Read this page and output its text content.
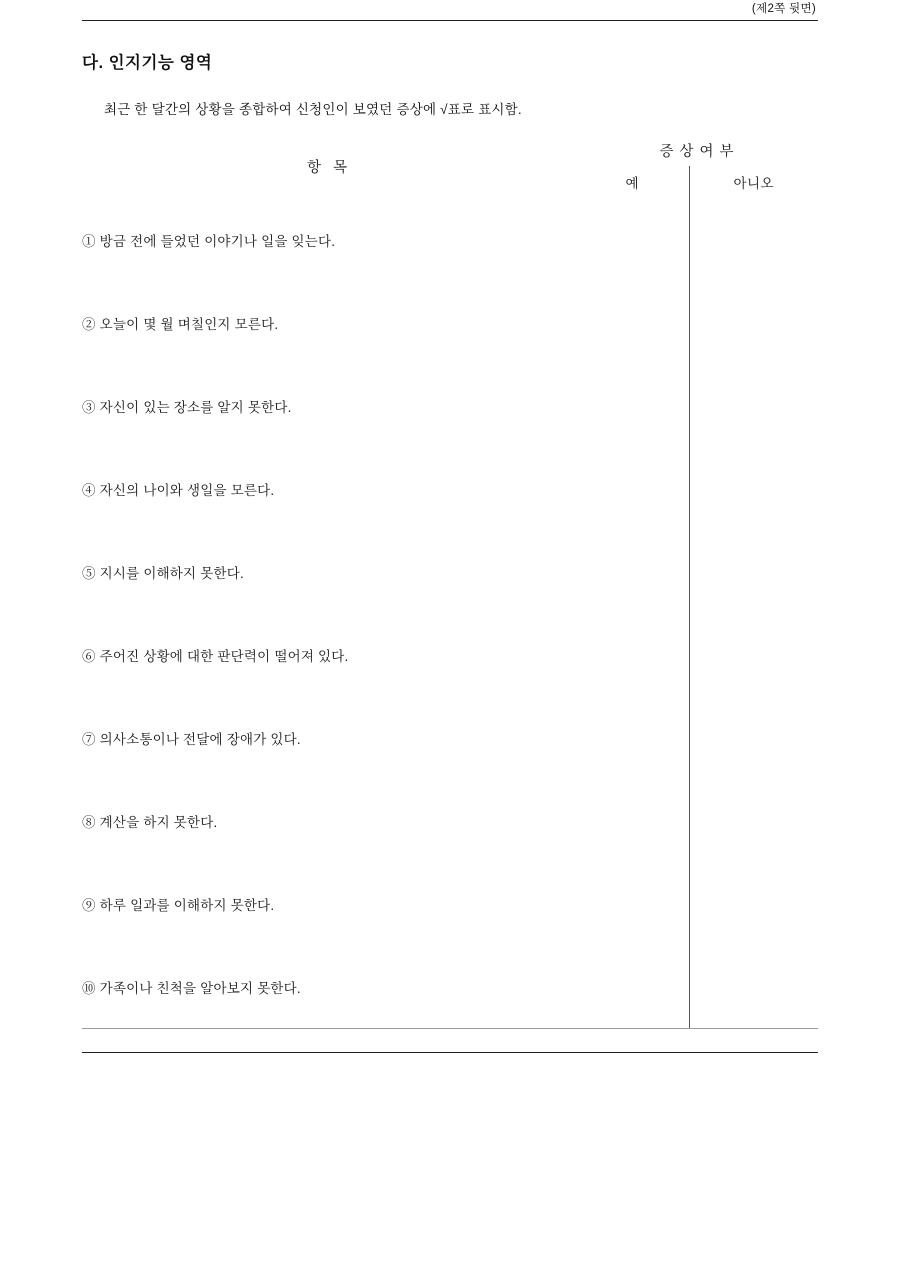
(제2쪽 뒷면)
다. 인지기능 영역
최근 한 달간의 상황을 종합하여 신청인이 보였던 증상에 √표로 표시함.
항 목	증 상 여 부	
	예	아니오
① 방금 전에 들었던 이야기나 일을 잊는다.		
② 오늘이 몇 월 며칠인지 모른다.		
③ 자신이 있는 장소를 알지 못한다.		
④ 자신의 나이와 생일을 모른다.		
⑤ 지시를 이해하지 못한다.		
⑥ 주어진 상황에 대한 판단력이 떨어져 있다.		
⑦ 의사소통이나 전달에 장애가 있다.		
⑧ 계산을 하지 못한다.		
⑨ 하루 일과를 이해하지 못한다.		
⑩ 가족이나 친척을 알아보지 못한다.		
